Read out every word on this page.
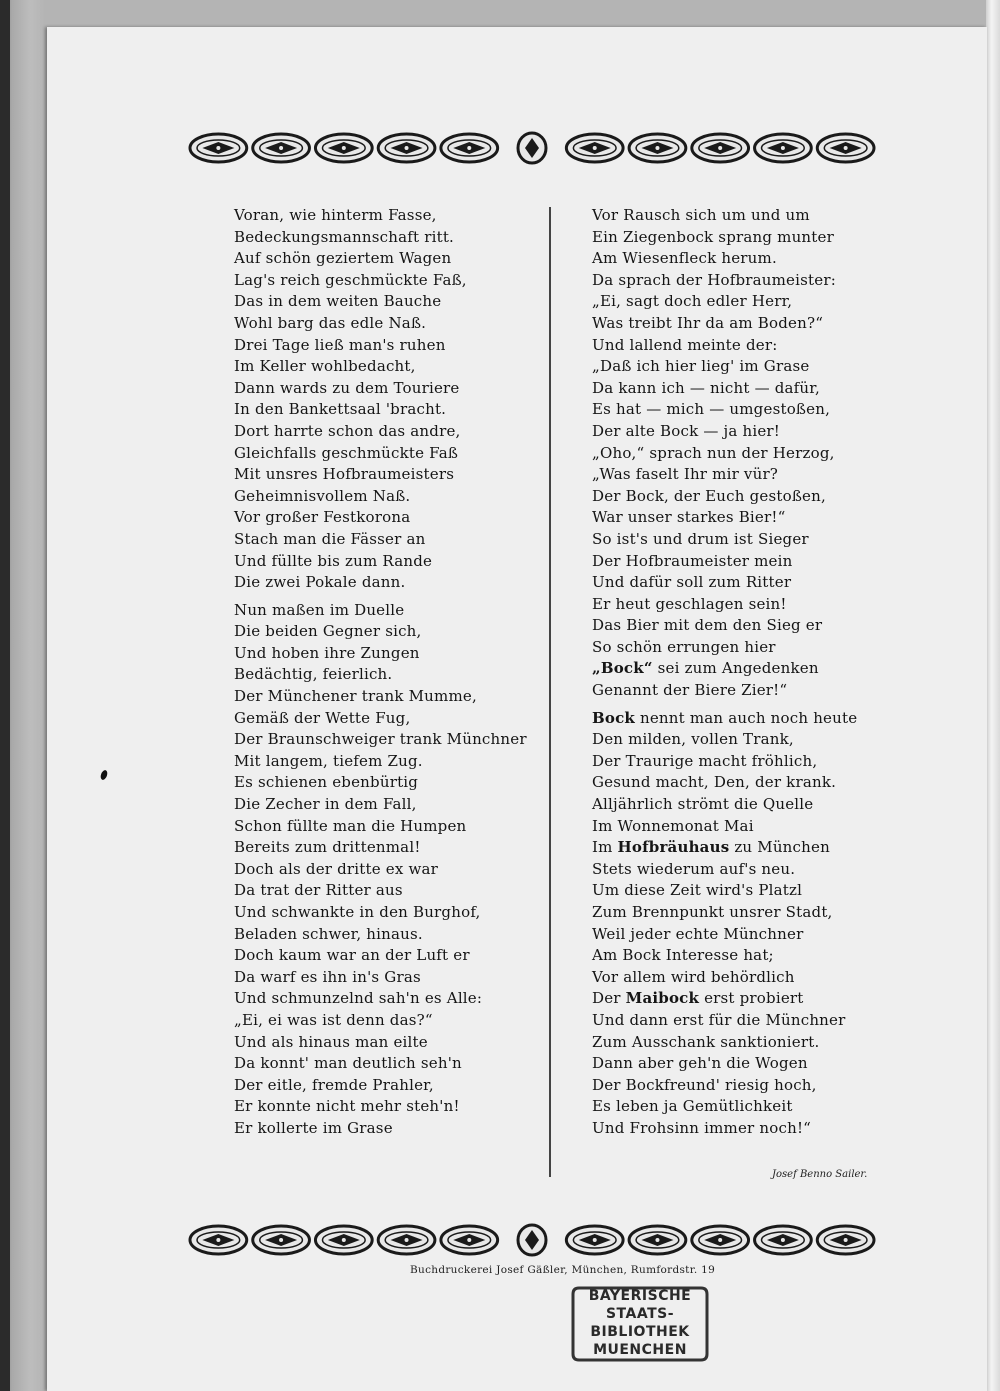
Voran, wie hinterm Fasse,
Bedeckungsmannschaft ritt.
Auf schön geziertem Wagen
Lag's reich geschmückte Faß,
Das in dem weiten Bauche
Wohl barg das edle Naß.
Drei Tage ließ man's ruhen
Im Keller wohlbedacht,
Dann wards zu dem Touriere
In den Bankettsaal 'bracht.
Dort harrte schon das andre,
Gleichfalls geschmückte Faß
Mit unsres Hofbraumeisters
Geheimnisvollem Naß.
Vor großer Festkorona
Stach man die Fässer an
Und füllte bis zum Rande
Die zwei Pokale dann.
Nun maßen im Duelle
Die beiden Gegner sich,
Und hoben ihre Zungen
Bedächtig, feierlich.
Der Münchener trank Mumme,
Gemäß der Wette Fug,
Der Braunschweiger trank Münchner
Mit langem, tiefem Zug.
Es schienen ebenbürtig
Die Zecher in dem Fall,
Schon füllte man die Humpen
Bereits zum drittenmal!
Doch als der dritte ex war
Da trat der Ritter aus
Und schwankte in den Burghof,
Beladen schwer, hinaus.
Doch kaum war an der Luft er
Da warf es ihn in's Gras
Und schmunzelnd sah'n es Alle:
„Ei, ei was ist denn das?“
Und als hinaus man eilte
Da konnt' man deutlich seh'n
Der eitle, fremde Prahler,
Er konnte nicht mehr steh'n!
Er kollerte im Grase
Vor Rausch sich um und um
Ein Ziegenbock sprang munter
Am Wiesenfleck herum.
Da sprach der Hofbraumeister:
„Ei, sagt doch edler Herr,
Was treibt Ihr da am Boden?“
Und lallend meinte der:
„Daß ich hier lieg' im Grase
Da kann ich — nicht — dafür,
Es hat — mich — umgestoßen,
Der alte Bock — ja hier!
„Oho,“ sprach nun der Herzog,
„Was faselt Ihr mir vür?
Der Bock, der Euch gestoßen,
War unser starkes Bier!“
So ist's und drum ist Sieger
Der Hofbraumeister mein
Und dafür soll zum Ritter
Er heut geschlagen sein!
Das Bier mit dem den Sieg er
So schön errungen hier
„Bock“ sei zum Angedenken
Genannt der Biere Zier!“
Bock nennt man auch noch heute
Den milden, vollen Trank,
Der Traurige macht fröhlich,
Gesund macht, Den, der krank.
Alljährlich strömt die Quelle
Im Wonnemonat Mai
Im Hofbräuhaus zu München
Stets wiederum auf's neu.
Um diese Zeit wird's Platzl
Zum Brennpunkt unsrer Stadt,
Weil jeder echte Münchner
Am Bock Interesse hat;
Vor allem wird behördlich
Der Maibock erst probiert
Und dann erst für die Münchner
Zum Ausschank sanktioniert.
Dann aber geh'n die Wogen
Der Bockfreund' riesig hoch,
Es leben ja Gemütlichkeit
Und Frohsinn immer noch!“
Josef Benno Sailer.
Buchdruckerei Josef Gäßler, München, Rumfordstr. 19
BAYERISCHE
STAATS-
BIBLIOTHEK
MUENCHEN
